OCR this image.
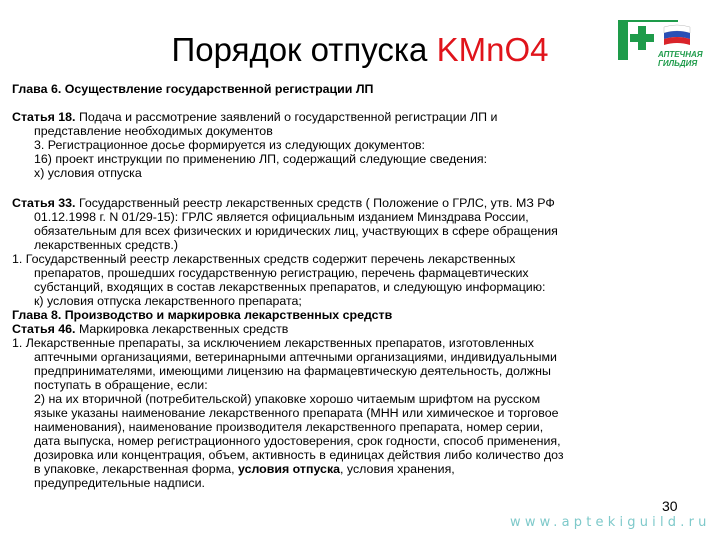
Порядок отпуска KMnO4	АПТЕЧНАЯ
ГИЛЬДИЯ
Глава 6. Осуществление государственной регистрации ЛП
Статья 18. Подача и рассмотрение заявлений о государственной регистрации ЛП и
представление необходимых документов
3. Регистрационное досье формируется из следующих документов:
16) проект инструкции по применению ЛП, содержащий следующие сведения:
х) условия отпуска
Статья 33. Государственный реестр лекарственных средств ( Положение о ГРЛС, утв. МЗ РФ
01.12.1998 г. N 01/29-15): ГРЛС является официальным изданием Минздрава России,
обязательным для всех физических и юридических лиц, участвующих в сфере обращения
лекарственных средств.)
1. Государственный реестр лекарственных средств содержит перечень лекарственных
препаратов, прошедших государственную регистрацию, перечень фармацевтических
субстанций, входящих в состав лекарственных препаратов, и следующую информацию:
к) условия отпуска лекарственного препарата;
Глава 8. Производство и маркировка лекарственных средств
Статья 46. Маркировка лекарственных средств
1. Лекарственные препараты, за исключением лекарственных препаратов, изготовленных
аптечными организациями, ветеринарными аптечными организациями, индивидуальными
предпринимателями, имеющими лицензию на фармацевтическую деятельность, должны
поступать в обращение, если:
2) на их вторичной (потребительской) упаковке хорошо читаемым шрифтом на русском
языке указаны наименование лекарственного препарата (МНН или химическое и торговое
наименования), наименование производителя лекарственного препарата, номер серии,
дата выпуска, номер регистрационного удостоверения, срок годности, способ применения,
дозировка или концентрация, объем, активность в единицах действия либо количество доз
в упаковке, лекарственная форма, условия отпуска, условия хранения,
предупредительные надписи.
30
www.aptekiguild.ru
